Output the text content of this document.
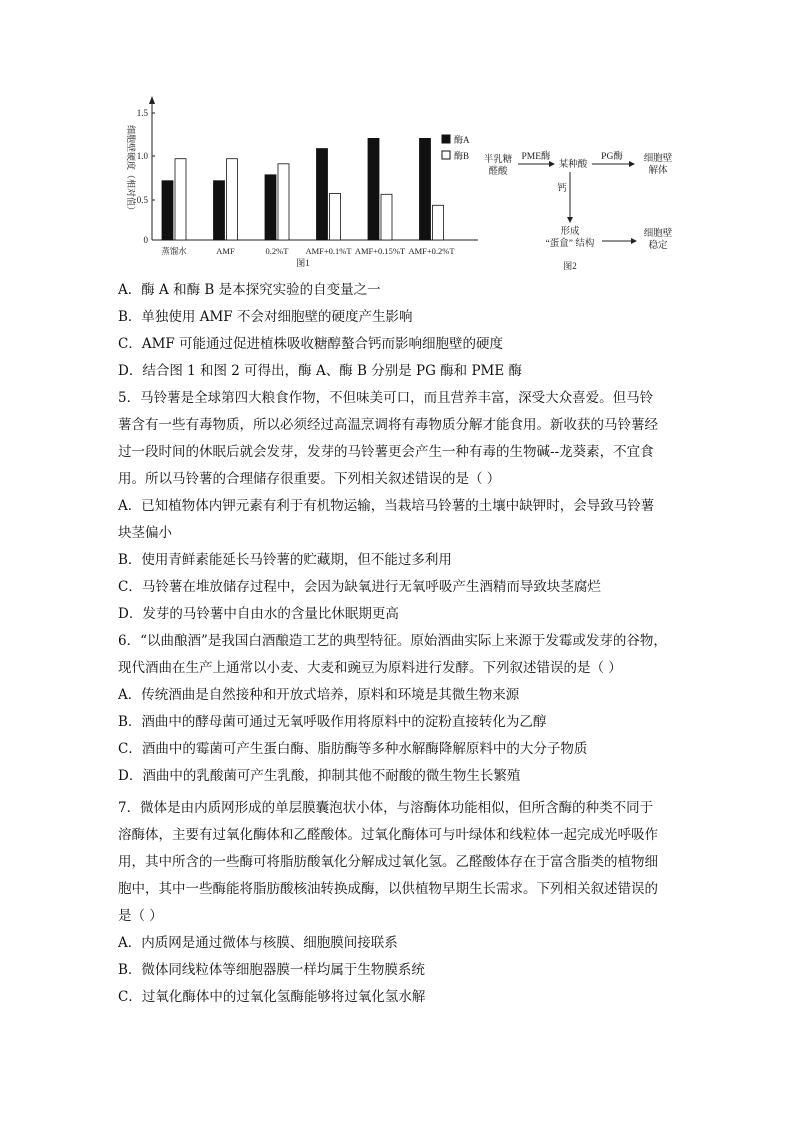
细胞壁硬度（相对值）
0
0.5
1.0
1.5
蒸馏水	AMF	0.2%T AMF+0.1%T AMF+0.15%T AMF+0.2%T
酶A
酶B
图1
半乳糖
醛酸
PME酶
某种酸
PG酶 细胞壁
解体
钙
形成
“蛋盒” 结构
细胞壁
稳定
图2
A．酶 A 和酶 B 是本探究实验的自变量之一
B．单独使用 AMF 不会对细胞壁的硬度产生影响
C．AMF 可能通过促进植株吸收糖醇螯合钙而影响细胞壁的硬度
D．结合图 1 和图 2 可得出，酶 A、酶 B 分别是 PG 酶和 PME 酶
5．马铃薯是全球第四大粮食作物，不但味美可口，而且营养丰富，深受大众喜爱。但马铃
薯含有一些有毒物质，所以必须经过高温烹调将有毒物质分解才能食用。新收获的马铃薯经
过一段时间的休眠后就会发芽，发芽的马铃薯更会产生一种有毒的生物碱--龙葵素，不宜食
用。所以马铃薯的合理储存很重要。下列相关叙述错误的是（ ）
A．已知植物体内钾元素有利于有机物运输，当栽培马铃薯的土壤中缺钾时，会导致马铃薯
块茎偏小
B．使用青鲜素能延长马铃薯的贮藏期，但不能过多利用
C．马铃薯在堆放储存过程中，会因为缺氧进行无氧呼吸产生酒精而导致块茎腐烂
D．发芽的马铃薯中自由水的含量比休眠期更高
6．“以曲酿酒”是我国白酒酿造工艺的典型特征。原始酒曲实际上来源于发霉或发芽的谷物，
现代酒曲在生产上通常以小麦、大麦和豌豆为原料进行发酵。下列叙述错误的是（ ）
A．传统酒曲是自然接种和开放式培养，原料和环境是其微生物来源
B．酒曲中的酵母菌可通过无氧呼吸作用将原料中的淀粉直接转化为乙醇
C．酒曲中的霉菌可产生蛋白酶、脂肪酶等多种水解酶降解原料中的大分子物质
D．酒曲中的乳酸菌可产生乳酸，抑制其他不耐酸的微生物生长繁殖
7．微体是由内质网形成的单层膜囊泡状小体，与溶酶体功能相似，但所含酶的种类不同于
溶酶体，主要有过氧化酶体和乙醛酸体。过氧化酶体可与叶绿体和线粒体一起完成光呼吸作
用，其中所含的一些酶可将脂肪酸氧化分解成过氧化氢。乙醛酸体存在于富含脂类的植物细
胞中，其中一些酶能将脂肪酸核油转换成酶，以供植物早期生长需求。下列相关叙述错误的
是（ ）
A．内质网是通过微体与核膜、细胞膜间接联系
B．微体同线粒体等细胞器膜一样均属于生物膜系统
C．过氧化酶体中的过氧化氢酶能够将过氧化氢水解
